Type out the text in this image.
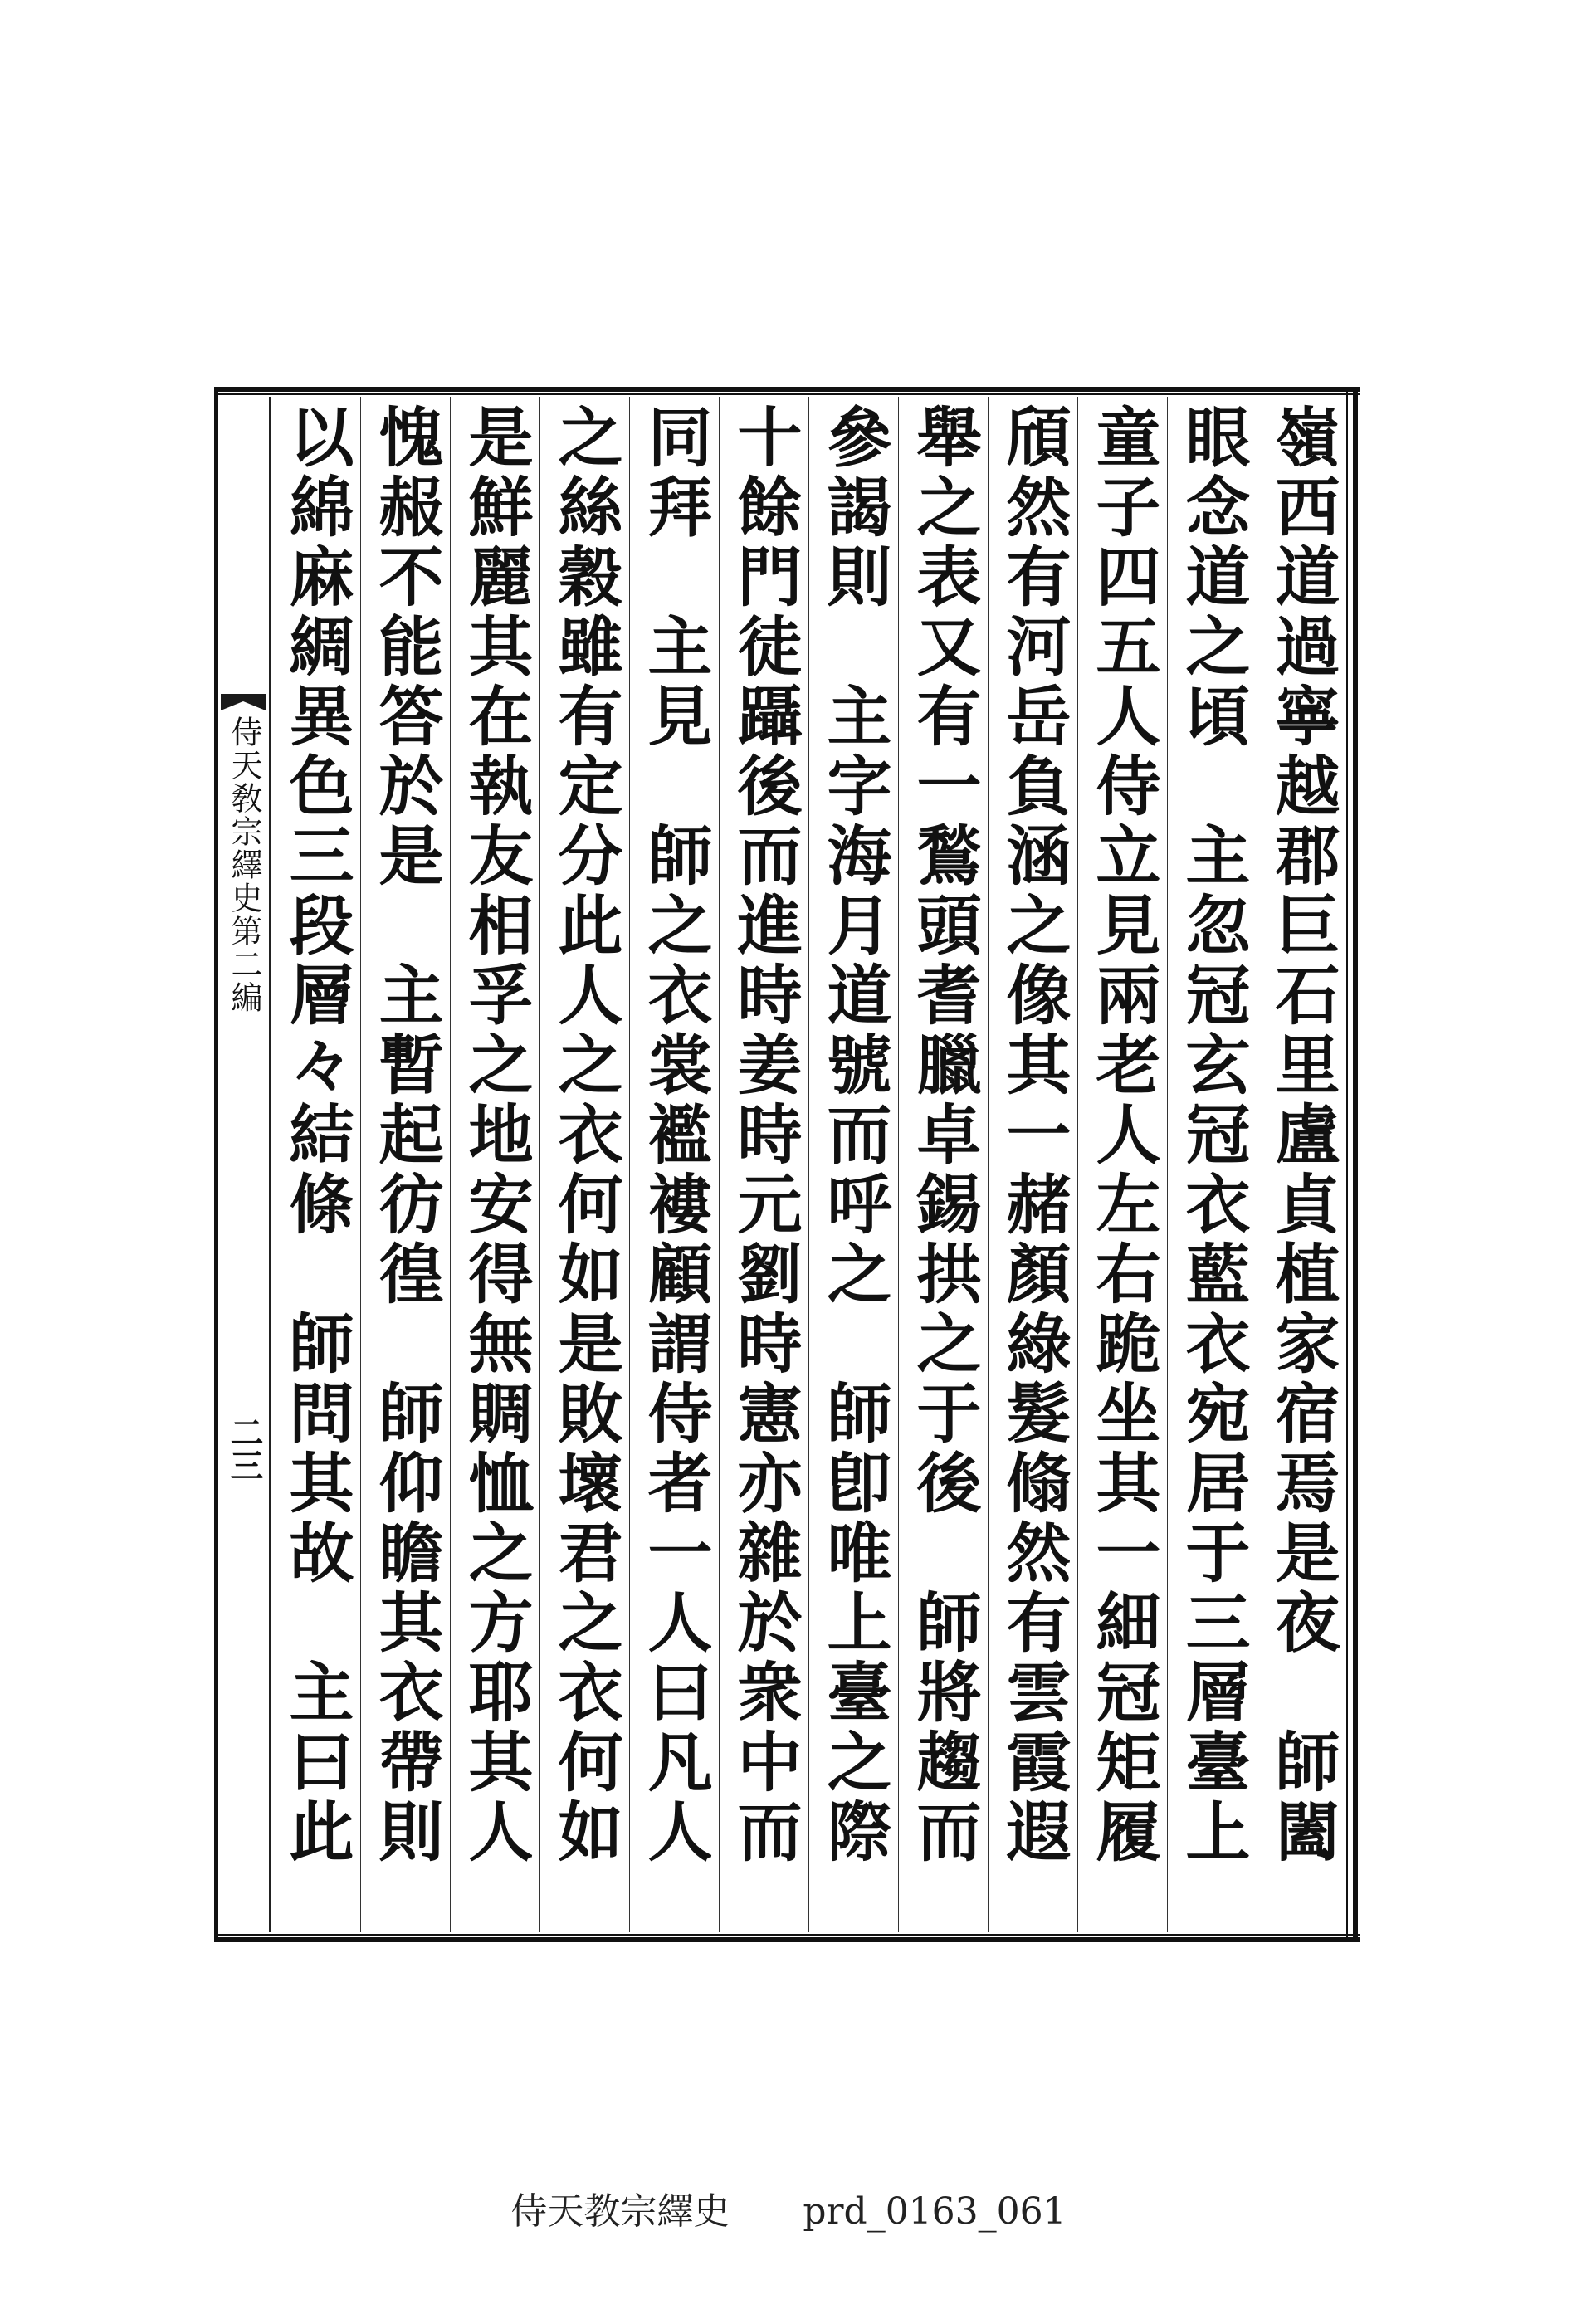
侍天敎宗繹史第二編
二三	嶺西道過寧越郡巨石里盧貞植家宿焉是夜　師闔
眼念道之頃　主忽冠玄冠衣藍衣宛居于三層臺上
童子四五人侍立見兩老人左右跪坐其一細冠矩履
頎然有河岳負涵之像其一赭顏綠髮翛然有雲霞遐
舉之表又有一鶖頭耆臘卓錫拱之于後　師將趨而
參謁則　主字海月道號而呼之　師卽唯上臺之際
十餘門徒躡後而進時姜時元劉時憲亦雜於衆中而
同拜　主見　師之衣裳襤褸顧謂侍者一人曰凡人
之絲穀雖有定分此人之衣何如是敗壞君之衣何如
是鮮麗其在執友相孚之地安得無賙恤之方耶其人
愧赧不能答於是　主暫起彷徨　師仰瞻其衣帶則
以綿麻綢異色三段層々結條　師問其故　主曰此
侍天教宗繹史　　prd_0163_061
